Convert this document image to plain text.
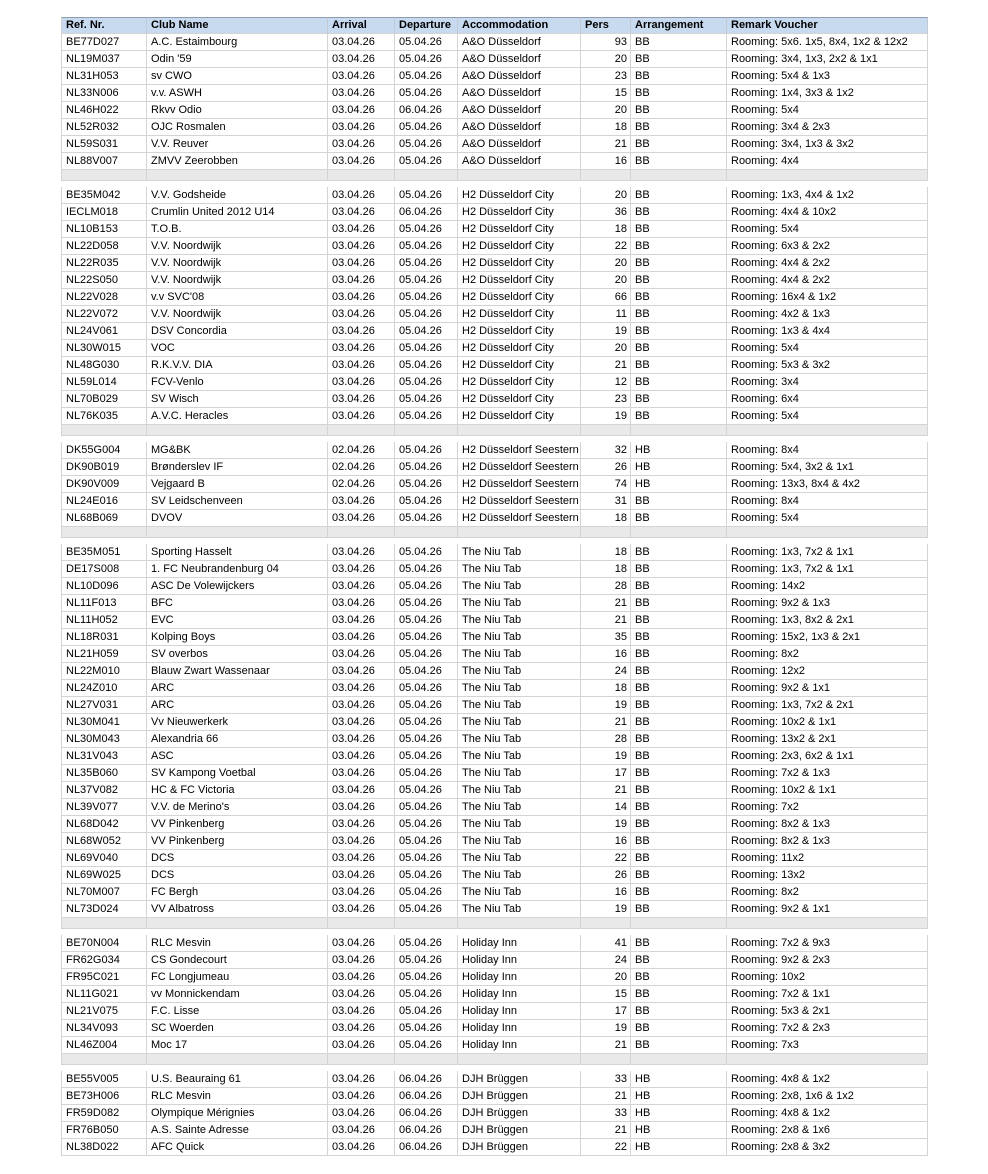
Ref. Nr.	Club Name	Arrival	Departure	Accommodation	Pers	Arrangement	Remark Voucher
BE77D027	A.C. Estaimbourg	03.04.26	05.04.26	A&O Düsseldorf	93 BB	Rooming: 5x6. 1x5, 8x4, 1x2 & 12x2
NL19M037	Odin '59	03.04.26	05.04.26	A&O Düsseldorf	20 BB	Rooming: 3x4, 1x3, 2x2 & 1x1
NL31H053	sv CWO	03.04.26	05.04.26	A&O Düsseldorf	23 BB	Rooming: 5x4 & 1x3
NL33N006	v.v. ASWH	03.04.26	05.04.26	A&O Düsseldorf	15 BB	Rooming: 1x4, 3x3 & 1x2
NL46H022	Rkvv Odio	03.04.26	06.04.26	A&O Düsseldorf	20 BB	Rooming: 5x4
NL52R032	OJC Rosmalen	03.04.26	05.04.26	A&O Düsseldorf	18 BB	Rooming: 3x4 & 2x3
NL59S031	V.V. Reuver	03.04.26	05.04.26	A&O Düsseldorf	21 BB	Rooming: 3x4, 1x3 & 3x2
NL88V007	ZMVV Zeerobben	03.04.26	05.04.26	A&O Düsseldorf	16 BB	Rooming: 4x4
BE35M042	V.V. Godsheide	03.04.26	05.04.26	H2 Düsseldorf City	20 BB	Rooming: 1x3, 4x4 & 1x2
IECLM018	Crumlin United 2012 U14	03.04.26	06.04.26	H2 Düsseldorf City	36 BB	Rooming: 4x4 & 10x2
NL10B153	T.O.B.	03.04.26	05.04.26	H2 Düsseldorf City	18 BB	Rooming: 5x4
NL22D058	V.V. Noordwijk	03.04.26	05.04.26	H2 Düsseldorf City	22 BB	Rooming: 6x3 & 2x2
NL22R035	V.V. Noordwijk	03.04.26	05.04.26	H2 Düsseldorf City	20 BB	Rooming: 4x4 & 2x2
NL22S050	V.V. Noordwijk	03.04.26	05.04.26	H2 Düsseldorf City	20 BB	Rooming: 4x4 & 2x2
NL22V028	v.v SVC'08	03.04.26	05.04.26	H2 Düsseldorf City	66 BB	Rooming: 16x4 & 1x2
NL22V072	V.V. Noordwijk	03.04.26	05.04.26	H2 Düsseldorf City	11 BB	Rooming: 4x2 & 1x3
NL24V061	DSV Concordia	03.04.26	05.04.26	H2 Düsseldorf City	19 BB	Rooming: 1x3 & 4x4
NL30W015	VOC	03.04.26	05.04.26	H2 Düsseldorf City	20 BB	Rooming: 5x4
NL48G030	R.K.V.V. DIA	03.04.26	05.04.26	H2 Düsseldorf City	21 BB	Rooming: 5x3 & 3x2
NL59L014	FCV-Venlo	03.04.26	05.04.26	H2 Düsseldorf City	12 BB	Rooming: 3x4
NL70B029	SV Wisch	03.04.26	05.04.26	H2 Düsseldorf City	23 BB	Rooming: 6x4
NL76K035	A.V.C. Heracles	03.04.26	05.04.26	H2 Düsseldorf City	19 BB	Rooming: 5x4
DK55G004	MG&BK	02.04.26	05.04.26	H2 Düsseldorf Seestern	32 HB	Rooming: 8x4
DK90B019	Brønderslev IF	02.04.26	05.04.26	H2 Düsseldorf Seestern	26 HB	Rooming: 5x4, 3x2 & 1x1
DK90V009	Vejgaard B	02.04.26	05.04.26	H2 Düsseldorf Seestern	74 HB	Rooming: 13x3, 8x4 & 4x2
NL24E016	SV Leidschenveen	03.04.26	05.04.26	H2 Düsseldorf Seestern	31 BB	Rooming: 8x4
NL68B069	DVOV	03.04.26	05.04.26	H2 Düsseldorf Seestern	18 BB	Rooming: 5x4
BE35M051	Sporting Hasselt	03.04.26	05.04.26	The Niu Tab	18 BB	Rooming: 1x3, 7x2 & 1x1
DE17S008	1. FC Neubrandenburg 04	03.04.26	05.04.26	The Niu Tab	18 BB	Rooming: 1x3, 7x2 & 1x1
NL10D096	ASC De Volewijckers	03.04.26	05.04.26	The Niu Tab	28 BB	Rooming: 14x2
NL11F013	BFC	03.04.26	05.04.26	The Niu Tab	21 BB	Rooming: 9x2 & 1x3
NL11H052	EVC	03.04.26	05.04.26	The Niu Tab	21 BB	Rooming: 1x3, 8x2 & 2x1
NL18R031	Kolping Boys	03.04.26	05.04.26	The Niu Tab	35 BB	Rooming: 15x2, 1x3 & 2x1
NL21H059	SV overbos	03.04.26	05.04.26	The Niu Tab	16 BB	Rooming: 8x2
NL22M010	Blauw Zwart Wassenaar	03.04.26	05.04.26	The Niu Tab	24 BB	Rooming: 12x2
NL24Z010	ARC	03.04.26	05.04.26	The Niu Tab	18 BB	Rooming: 9x2 & 1x1
NL27V031	ARC	03.04.26	05.04.26	The Niu Tab	19 BB	Rooming: 1x3, 7x2 & 2x1
NL30M041	Vv Nieuwerkerk	03.04.26	05.04.26	The Niu Tab	21 BB	Rooming: 10x2 & 1x1
NL30M043	Alexandria 66	03.04.26	05.04.26	The Niu Tab	28 BB	Rooming: 13x2 & 2x1
NL31V043	ASC	03.04.26	05.04.26	The Niu Tab	19 BB	Rooming: 2x3, 6x2 & 1x1
NL35B060	SV Kampong Voetbal	03.04.26	05.04.26	The Niu Tab	17 BB	Rooming: 7x2 & 1x3
NL37V082	HC & FC Victoria	03.04.26	05.04.26	The Niu Tab	21 BB	Rooming: 10x2 & 1x1
NL39V077	V.V. de Merino's	03.04.26	05.04.26	The Niu Tab	14 BB	Rooming: 7x2
NL68D042	VV Pinkenberg	03.04.26	05.04.26	The Niu Tab	19 BB	Rooming: 8x2 & 1x3
NL68W052	VV Pinkenberg	03.04.26	05.04.26	The Niu Tab	16 BB	Rooming: 8x2 & 1x3
NL69V040	DCS	03.04.26	05.04.26	The Niu Tab	22 BB	Rooming: 11x2
NL69W025	DCS	03.04.26	05.04.26	The Niu Tab	26 BB	Rooming: 13x2
NL70M007	FC Bergh	03.04.26	05.04.26	The Niu Tab	16 BB	Rooming: 8x2
NL73D024	VV Albatross	03.04.26	05.04.26	The Niu Tab	19 BB	Rooming: 9x2 & 1x1
BE70N004	RLC Mesvin	03.04.26	05.04.26	Holiday Inn	41 BB	Rooming: 7x2 & 9x3
FR62G034	CS Gondecourt	03.04.26	05.04.26	Holiday Inn	24 BB	Rooming: 9x2 & 2x3
FR95C021	FC Longjumeau	03.04.26	05.04.26	Holiday Inn	20 BB	Rooming: 10x2
NL11G021	vv Monnickendam	03.04.26	05.04.26	Holiday Inn	15 BB	Rooming: 7x2 & 1x1
NL21V075	F.C. Lisse	03.04.26	05.04.26	Holiday Inn	17 BB	Rooming: 5x3 & 2x1
NL34V093	SC Woerden	03.04.26	05.04.26	Holiday Inn	19 BB	Rooming: 7x2 & 2x3
NL46Z004	Moc 17	03.04.26	05.04.26	Holiday Inn	21 BB	Rooming: 7x3
BE55V005	U.S. Beauraing 61	03.04.26	06.04.26	DJH Brüggen	33 HB	Rooming: 4x8 & 1x2
BE73H006	RLC Mesvin	03.04.26	06.04.26	DJH Brüggen	21 HB	Rooming: 2x8, 1x6 & 1x2
FR59D082	Olympique Mérignies	03.04.26	06.04.26	DJH Brüggen	33 HB	Rooming: 4x8 & 1x2
FR76B050	A.S. Sainte Adresse	03.04.26	06.04.26	DJH Brüggen	21 HB	Rooming: 2x8 & 1x6
NL38D022	AFC Quick	03.04.26	06.04.26	DJH Brüggen	22 HB	Rooming: 2x8 & 3x2
